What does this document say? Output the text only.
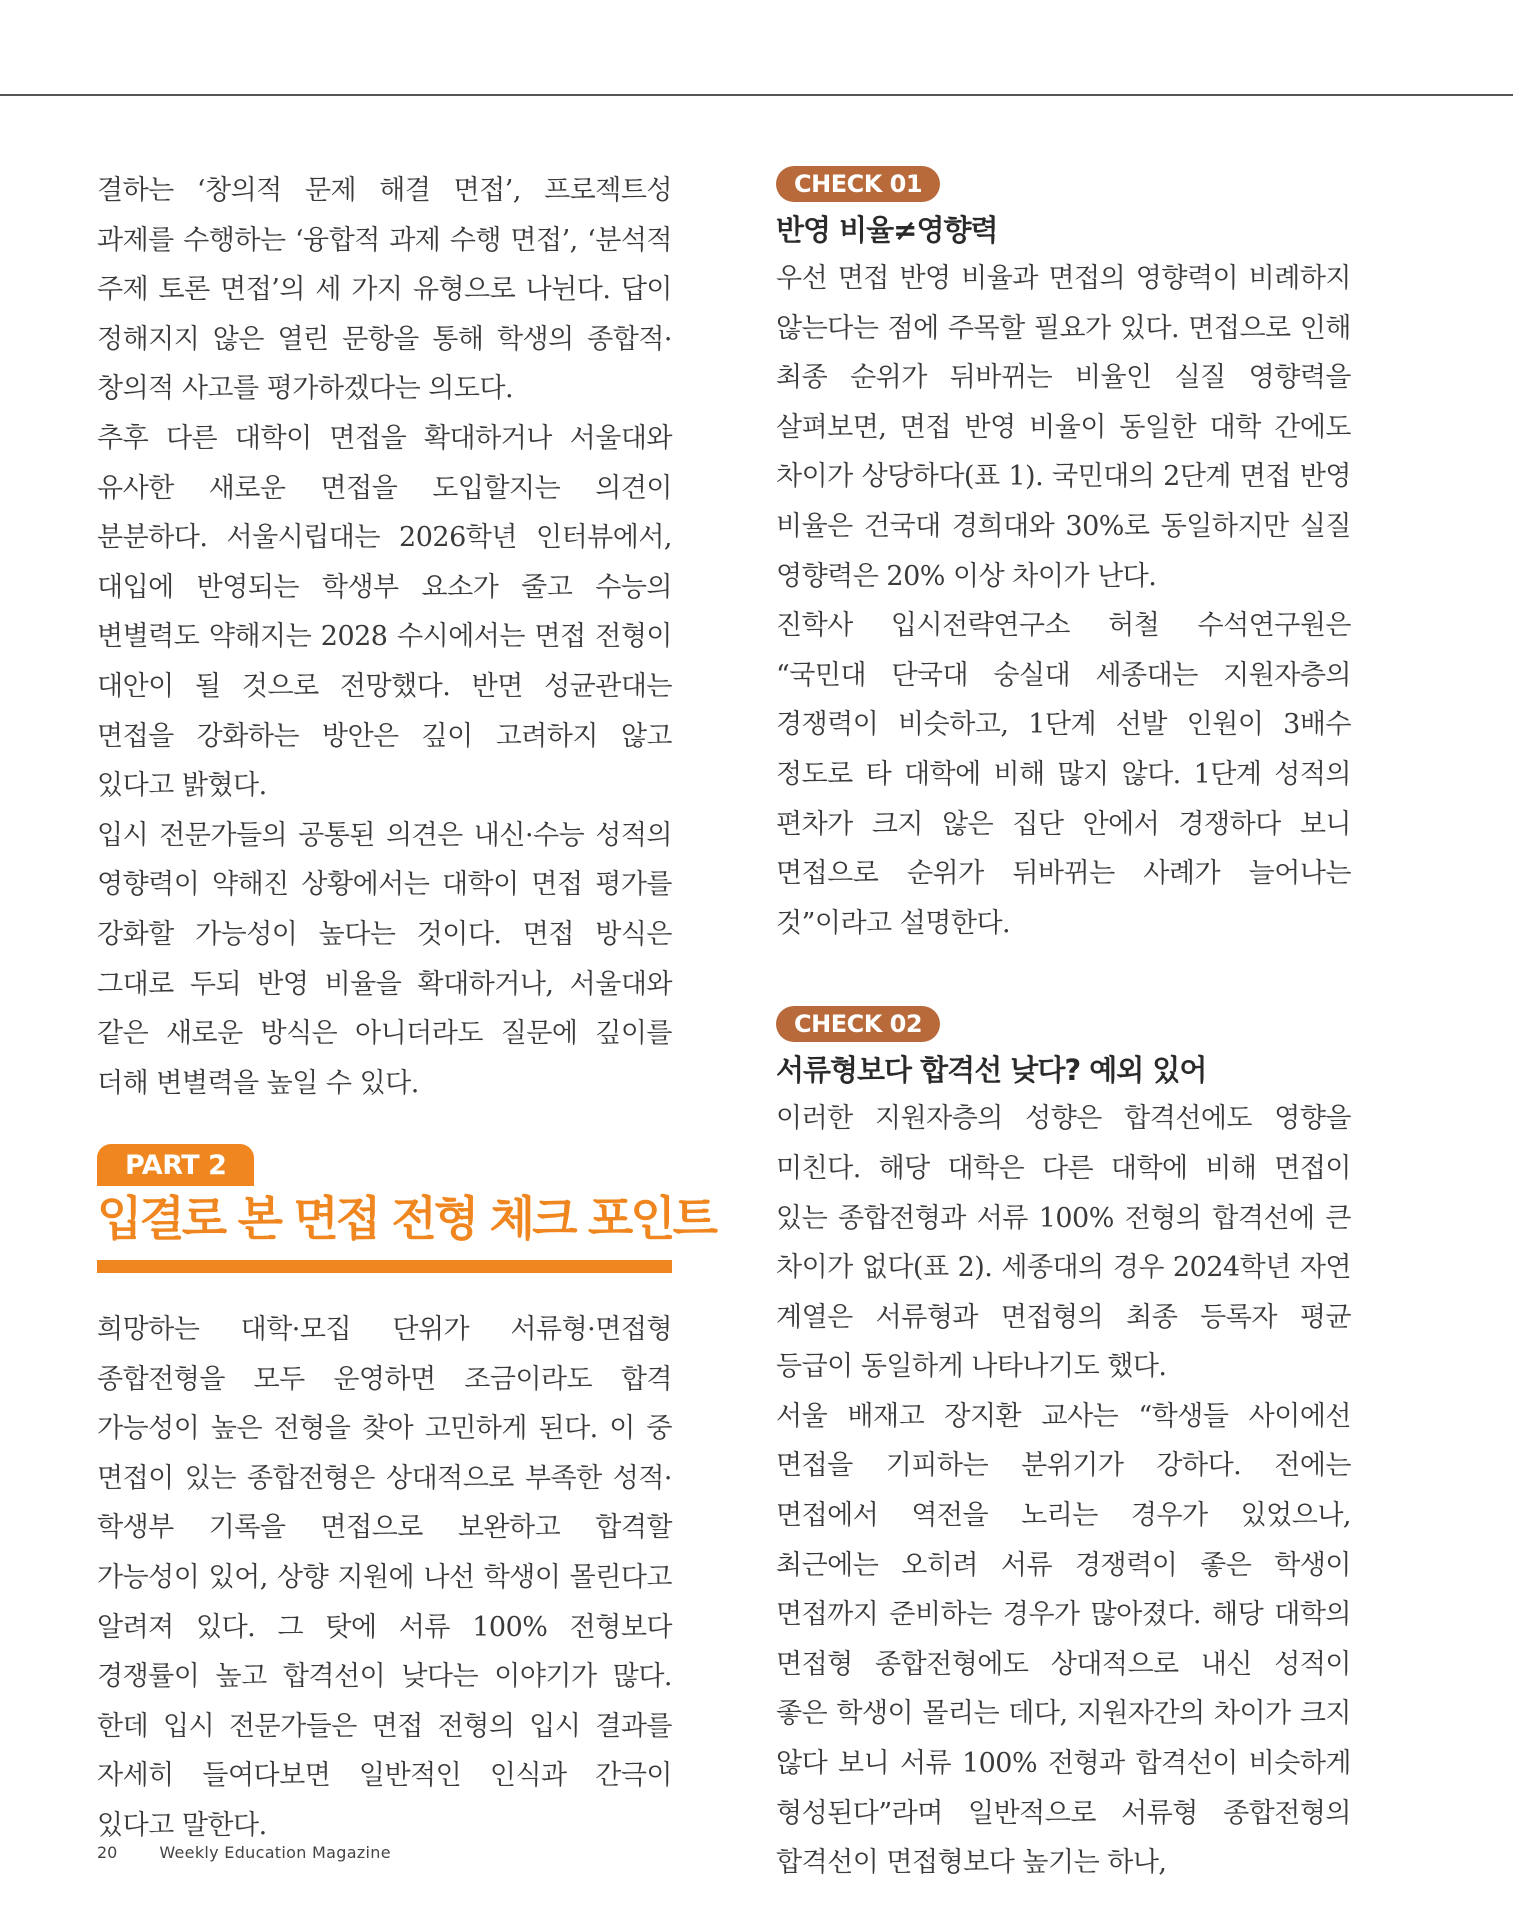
결하는 ‘창의적 문제 해결 면접’, 프로젝트성 과제를 수행하는 ‘융합적 과제 수행 면접’, ‘분석적 주제 토론 면접’의 세 가지 유형으로 나뉜다. 답이 정해지지 않은 열린 문항을 통해 학생의 종합적·창의적 사고를 평가하겠다는 의도다.

추후 다른 대학이 면접을 확대하거나 서울대와 유사한 새로운 면접을 도입할지는 의견이 분분하다. 서울시립대는 2026학년 인터뷰에서, 대입에 반영되는 학생부 요소가 줄고 수능의 변별력도 약해지는 2028 수시에서는 면접 전형이 대안이 될 것으로 전망했다. 반면 성균관대는 면접을 강화하는 방안은 깊이 고려하지 않고 있다고 밝혔다.

입시 전문가들의 공통된 의견은 내신·수능 성적의 영향력이 약해진 상황에서는 대학이 면접 평가를 강화할 가능성이 높다는 것이다. 면접 방식은 그대로 두되 반영 비율을 확대하거나, 서울대와 같은 새로운 방식은 아니더라도 질문에 깊이를 더해 변별력을 높일 수 있다.

PART 2
입결로 본 면접 전형 체크 포인트

희망하는 대학·모집 단위가 서류형·면접형 종합전형을 모두 운영하면 조금이라도 합격 가능성이 높은 전형을 찾아 고민하게 된다. 이 중 면접이 있는 종합전형은 상대적으로 부족한 성적·학생부 기록을 면접으로 보완하고 합격할 가능성이 있어, 상향 지원에 나선 학생이 몰린다고 알려져 있다. 그 탓에 서류 100% 전형보다 경쟁률이 높고 합격선이 낮다는 이야기가 많다. 한데 입시 전문가들은 면접 전형의 입시 결과를 자세히 들여다보면 일반적인 인식과 간극이 있다고 말한다.

CHECK 01
반영 비율≠영향력

우선 면접 반영 비율과 면접의 영향력이 비례하지 않는다는 점에 주목할 필요가 있다. 면접으로 인해 최종 순위가 뒤바뀌는 비율인 실질 영향력을 살펴보면, 면접 반영 비율이 동일한 대학 간에도 차이가 상당하다(표 1). 국민대의 2단계 면접 반영 비율은 건국대 경희대와 30%로 동일하지만 실질 영향력은 20% 이상 차이가 난다.

진학사 입시전략연구소 허철 수석연구원은 “국민대 단국대 숭실대 세종대는 지원자층의 경쟁력이 비슷하고, 1단계 선발 인원이 3배수 정도로 타 대학에 비해 많지 않다. 1단계 성적의 편차가 크지 않은 집단 안에서 경쟁하다 보니 면접으로 순위가 뒤바뀌는 사례가 늘어나는 것”이라고 설명한다.

CHECK 02
서류형보다 합격선 낮다? 예외 있어

이러한 지원자층의 성향은 합격선에도 영향을 미친다. 해당 대학은 다른 대학에 비해 면접이 있는 종합전형과 서류 100% 전형의 합격선에 큰 차이가 없다(표 2). 세종대의 경우 2024학년 자연 계열은 서류형과 면접형의 최종 등록자 평균 등급이 동일하게 나타나기도 했다.

서울 배재고 장지환 교사는 “학생들 사이에선 면접을 기피하는 분위기가 강하다. 전에는 면접에서 역전을 노리는 경우가 있었으나, 최근에는 오히려 서류 경쟁력이 좋은 학생이 면접까지 준비하는 경우가 많아졌다. 해당 대학의 면접형 종합전형에도 상대적으로 내신 성적이 좋은 학생이 몰리는 데다, 지원자간의 차이가 크지 않다 보니 서류 100% 전형과 합격선이 비슷하게 형성된다”라며 일반적으로 서류형 종합전형의 합격선이 면접형보다 높기는 하나,

20	Weekly Education Magazine
